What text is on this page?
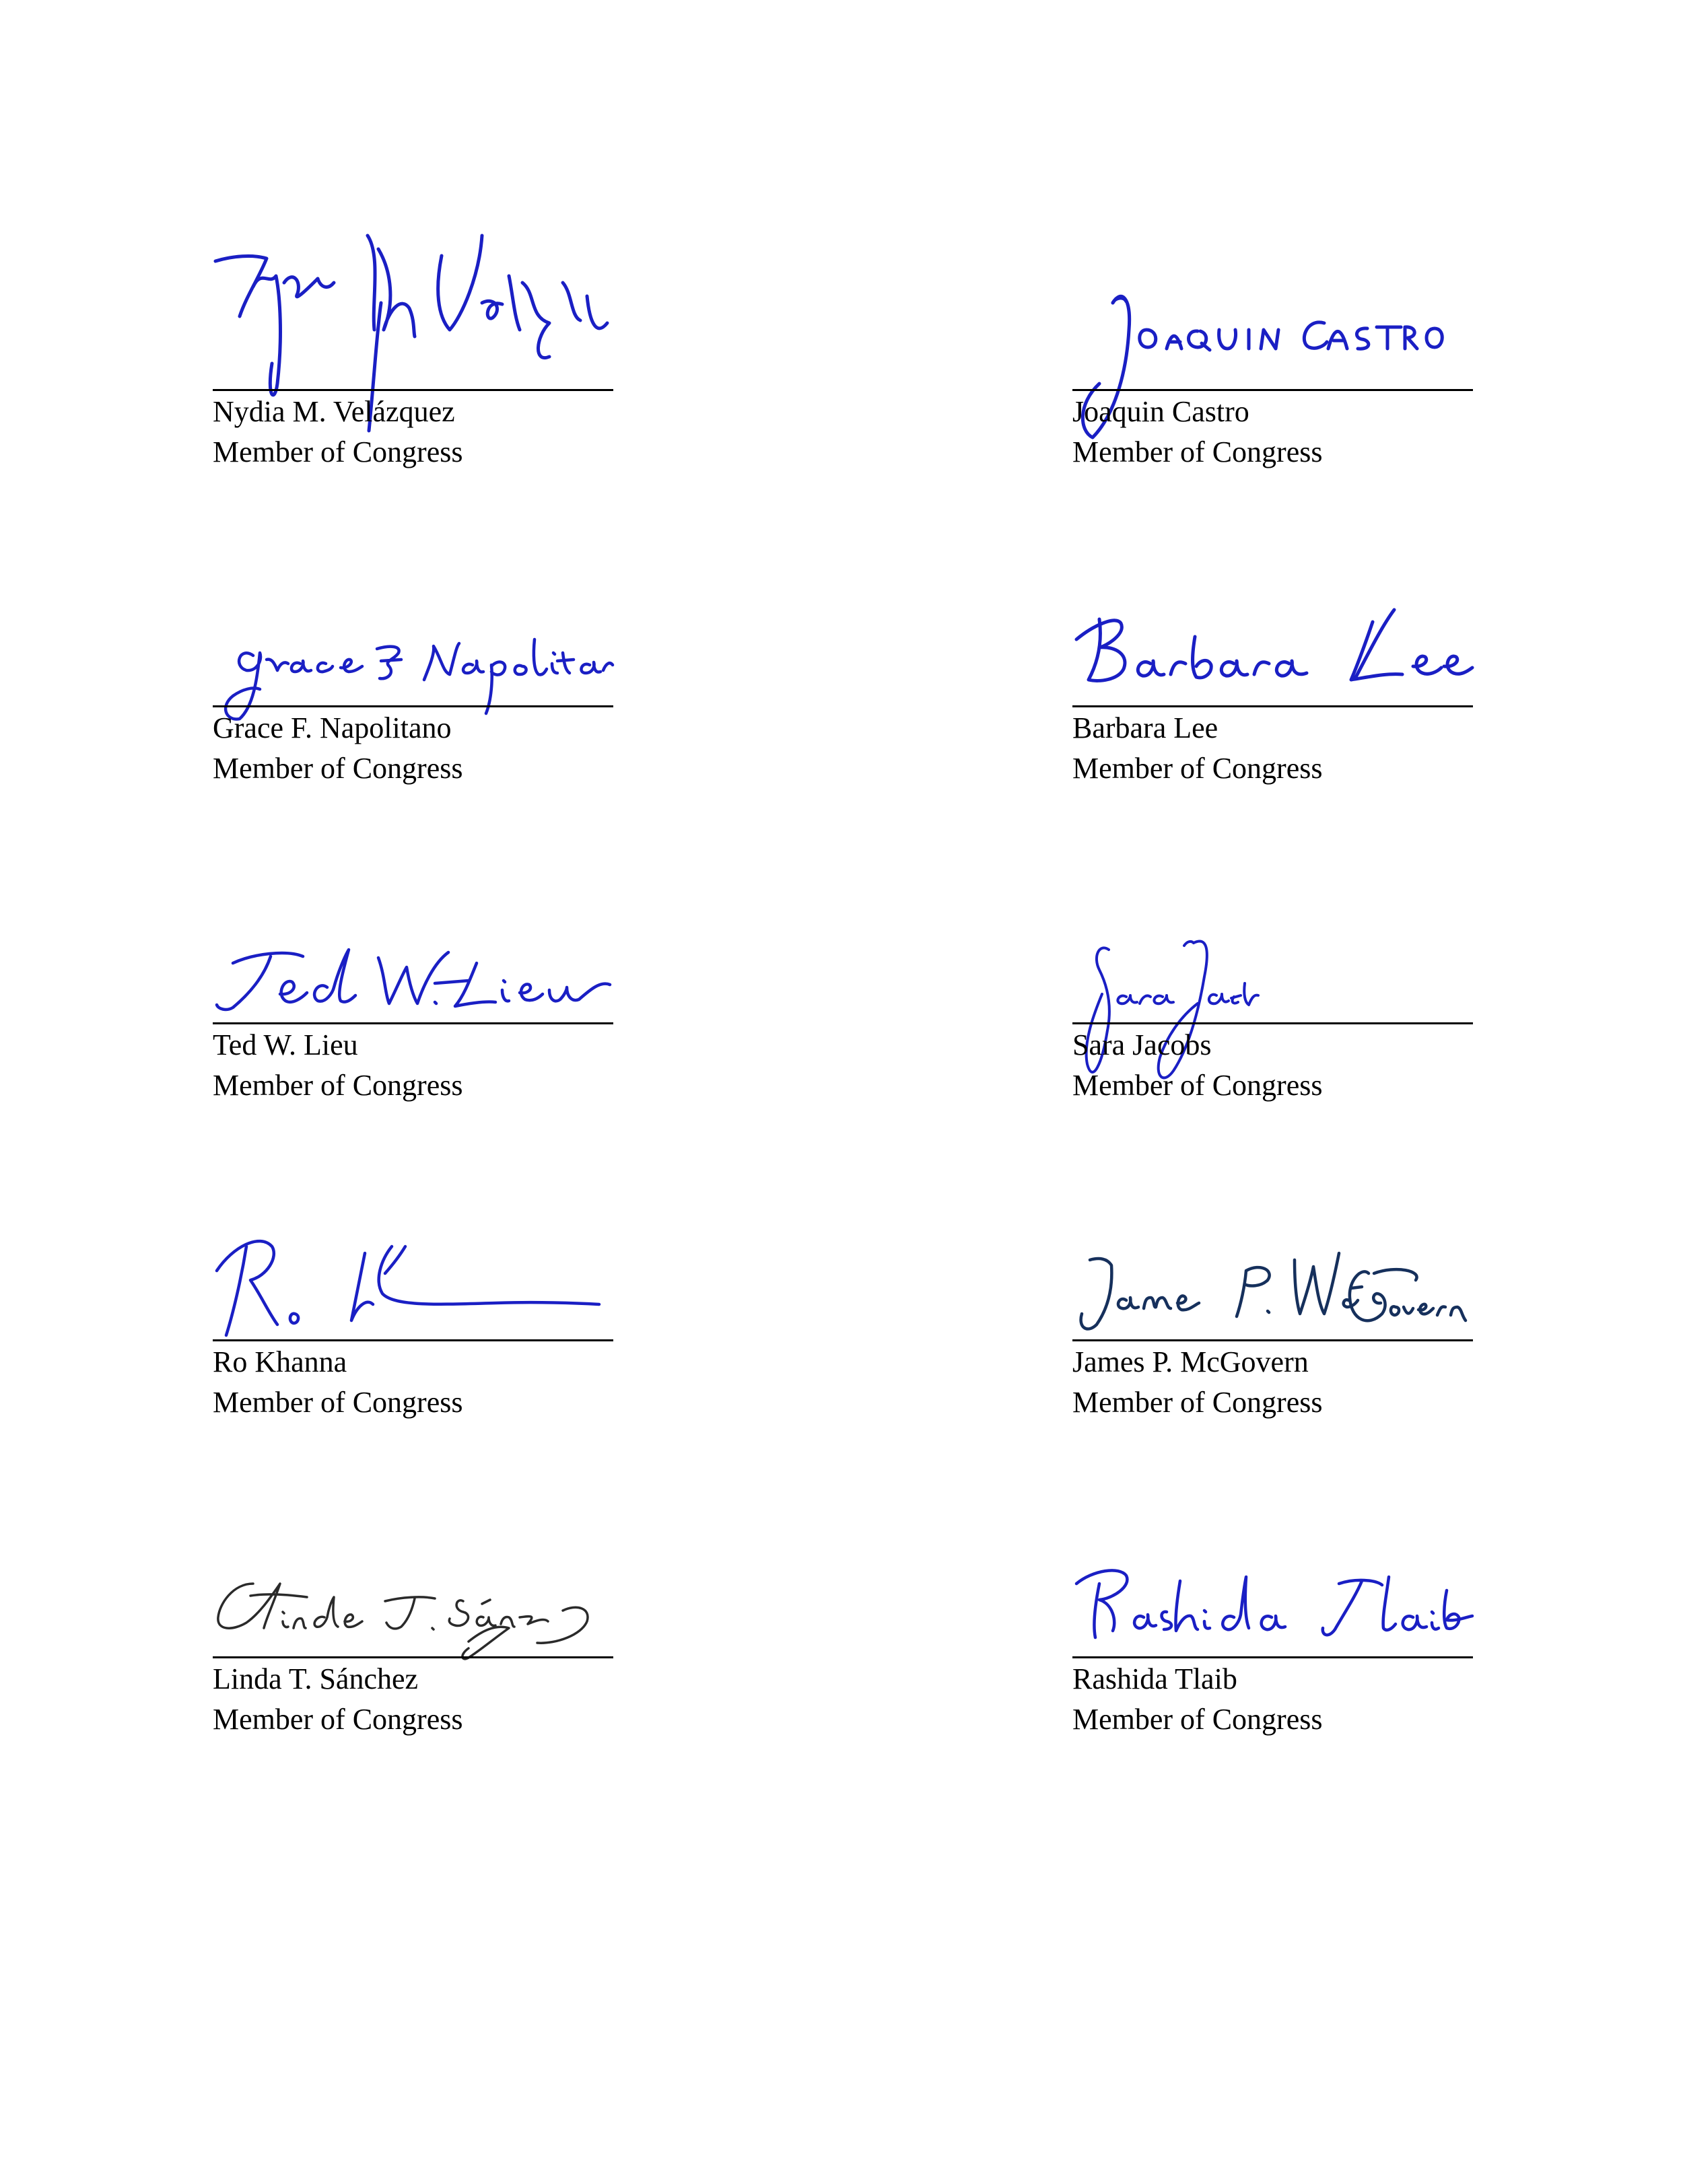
Nydia M. Velázquez
Member of Congress
Joaquin Castro
Member of Congress
Grace F. Napolitano
Member of Congress
Barbara Lee
Member of Congress
Ted W. Lieu
Member of Congress
Sara Jacobs
Member of Congress
Ro Khanna
Member of Congress
James P. McGovern
Member of Congress
Linda T. Sánchez
Member of Congress
Rashida Tlaib
Member of Congress
